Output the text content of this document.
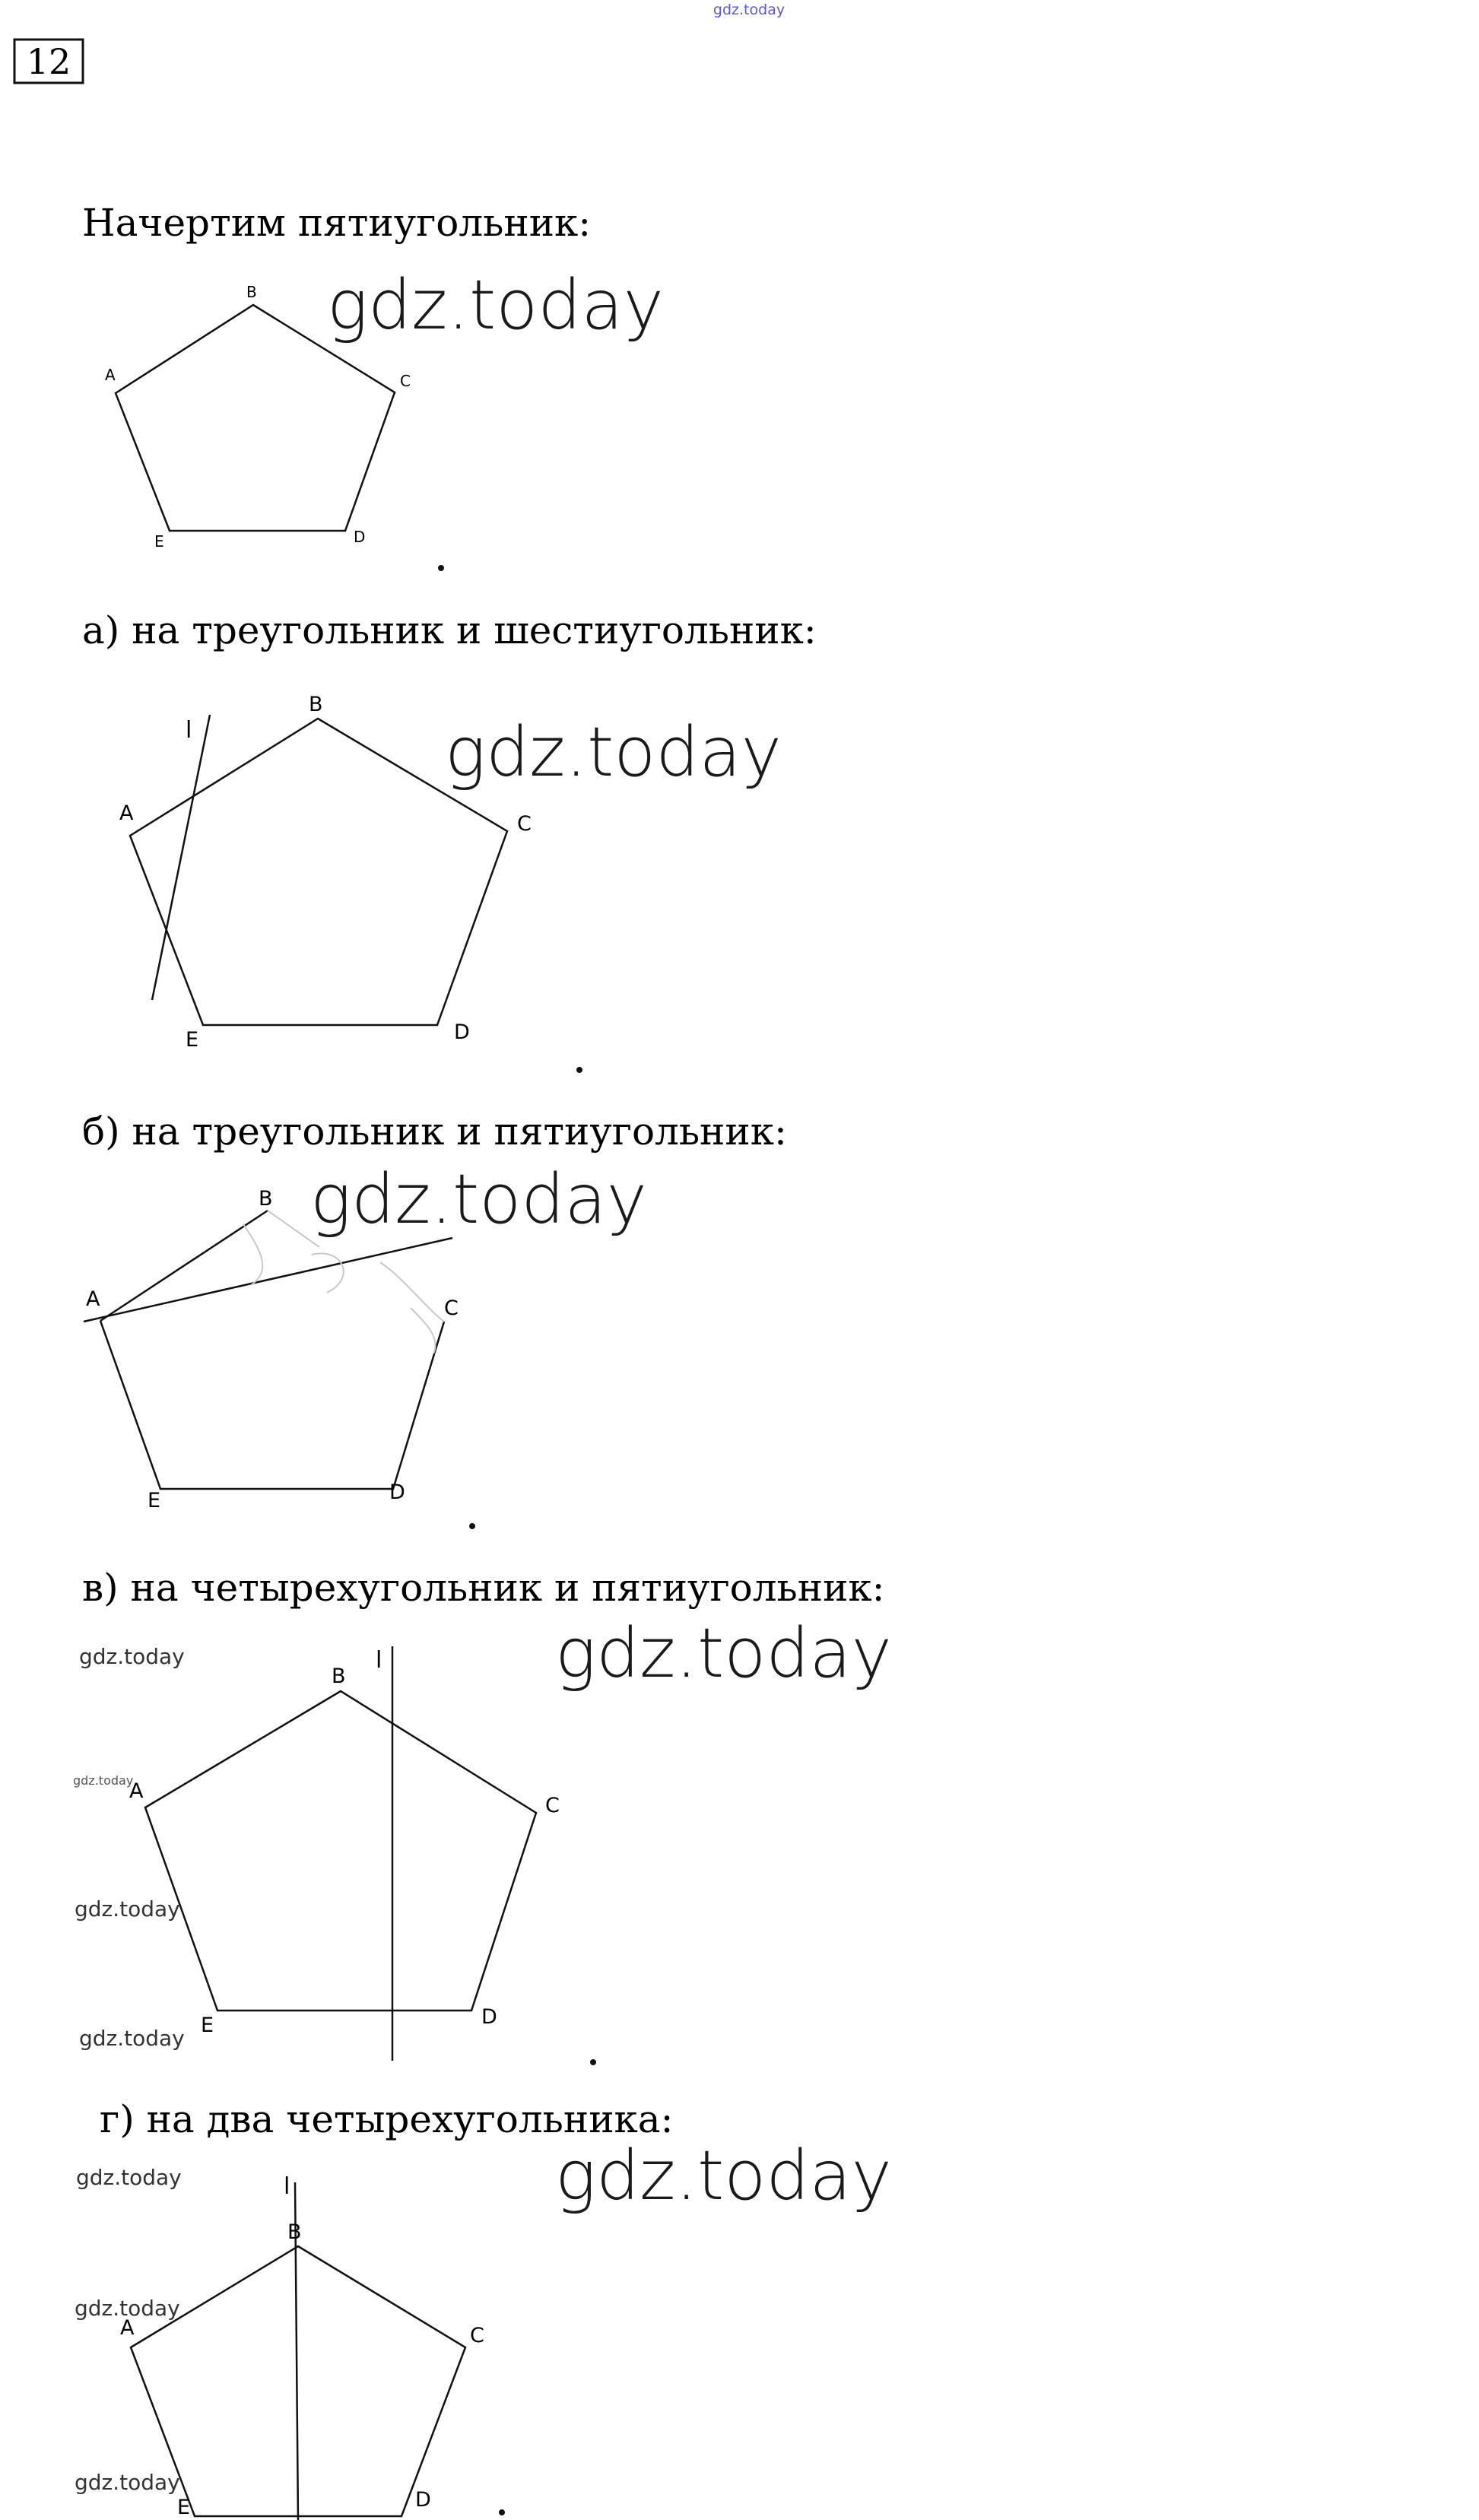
gdz.today
12
Начертим пятиугольник:
gdz.today
A
B
C
D
E
а) на треугольник и шестиугольник:
gdz.today
l
A
B
C
D
E
б) на треугольник и пятиугольник:
gdz.today
A
B
C
D
E
в) на четырехугольник и пятиугольник:
gdz.today
gdz.today
gdz.today
gdz.today
gdz.today
l
A
B
C
D
E
г) на два четырехугольника:
gdz.today
gdz.today
gdz.today
gdz.today
l
A
B
C
D
E
